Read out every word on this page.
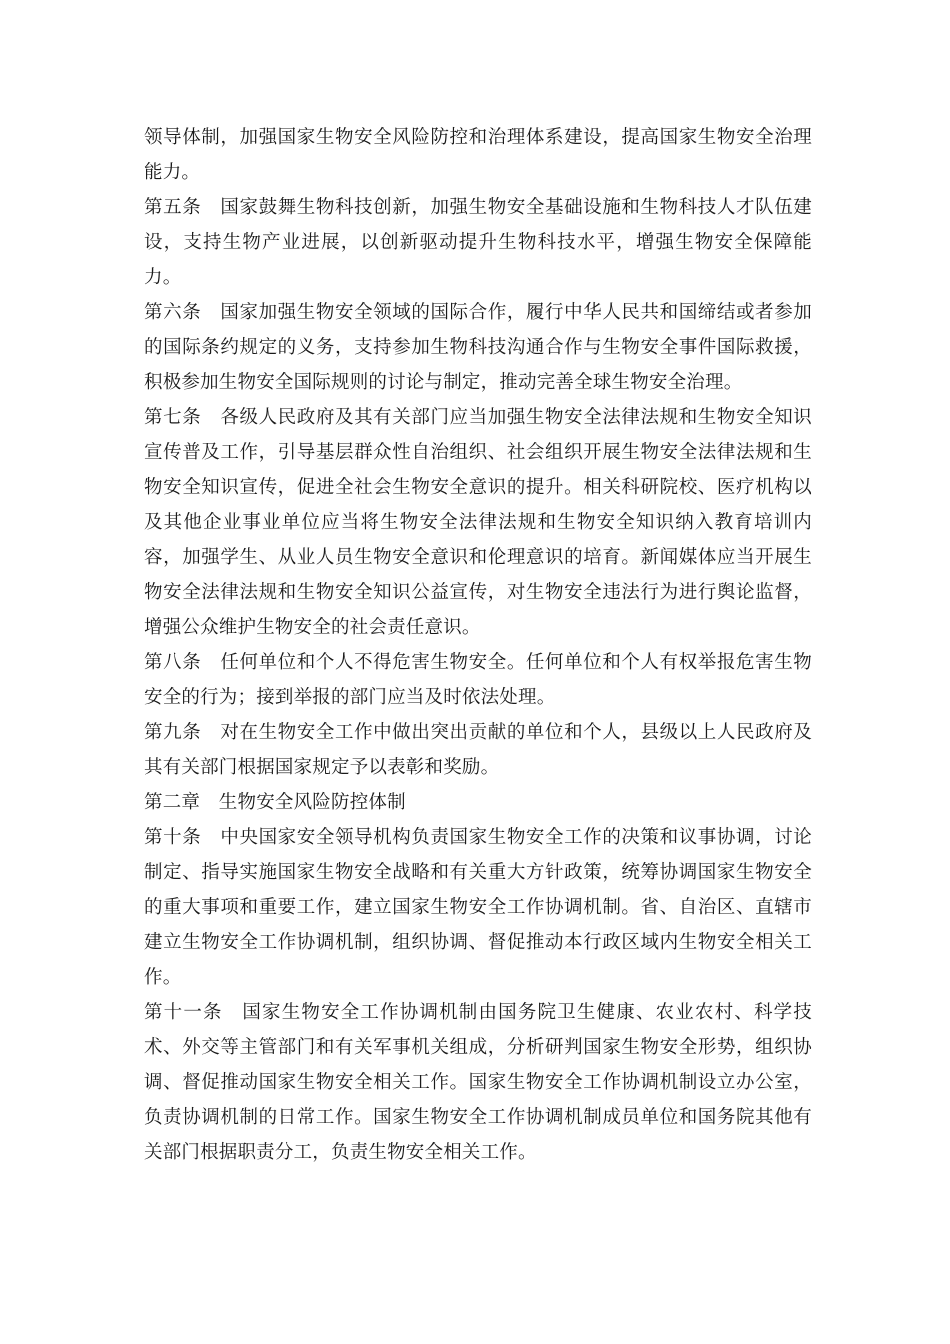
领导体制，加强国家生物安全风险防控和治理体系建设，提高国家生物安全治理能力。

第五条　国家鼓舞生物科技创新，加强生物安全基础设施和生物科技人才队伍建设，支持生物产业进展，以创新驱动提升生物科技水平，增强生物安全保障能力。

第六条　国家加强生物安全领域的国际合作，履行中华人民共和国缔结或者参加的国际条约规定的义务，支持参加生物科技沟通合作与生物安全事件国际救援，积极参加生物安全国际规则的讨论与制定，推动完善全球生物安全治理。

第七条　各级人民政府及其有关部门应当加强生物安全法律法规和生物安全知识宣传普及工作，引导基层群众性自治组织、社会组织开展生物安全法律法规和生物安全知识宣传，促进全社会生物安全意识的提升。相关科研院校、医疗机构以及其他企业事业单位应当将生物安全法律法规和生物安全知识纳入教育培训内容，加强学生、从业人员生物安全意识和伦理意识的培育。新闻媒体应当开展生物安全法律法规和生物安全知识公益宣传，对生物安全违法行为进行舆论监督，增强公众维护生物安全的社会责任意识。

第八条　任何单位和个人不得危害生物安全。任何单位和个人有权举报危害生物安全的行为；接到举报的部门应当及时依法处理。

第九条　对在生物安全工作中做出突出贡献的单位和个人，县级以上人民政府及其有关部门根据国家规定予以表彰和奖励。

第二章　生物安全风险防控体制

第十条　中央国家安全领导机构负责国家生物安全工作的决策和议事协调，讨论制定、指导实施国家生物安全战略和有关重大方针政策，统筹协调国家生物安全的重大事项和重要工作，建立国家生物安全工作协调机制。省、自治区、直辖市建立生物安全工作协调机制，组织协调、督促推动本行政区域内生物安全相关工作。

第十一条　国家生物安全工作协调机制由国务院卫生健康、农业农村、科学技术、外交等主管部门和有关军事机关组成，分析研判国家生物安全形势，组织协调、督促推动国家生物安全相关工作。国家生物安全工作协调机制设立办公室，负责协调机制的日常工作。国家生物安全工作协调机制成员单位和国务院其他有关部门根据职责分工，负责生物安全相关工作。
